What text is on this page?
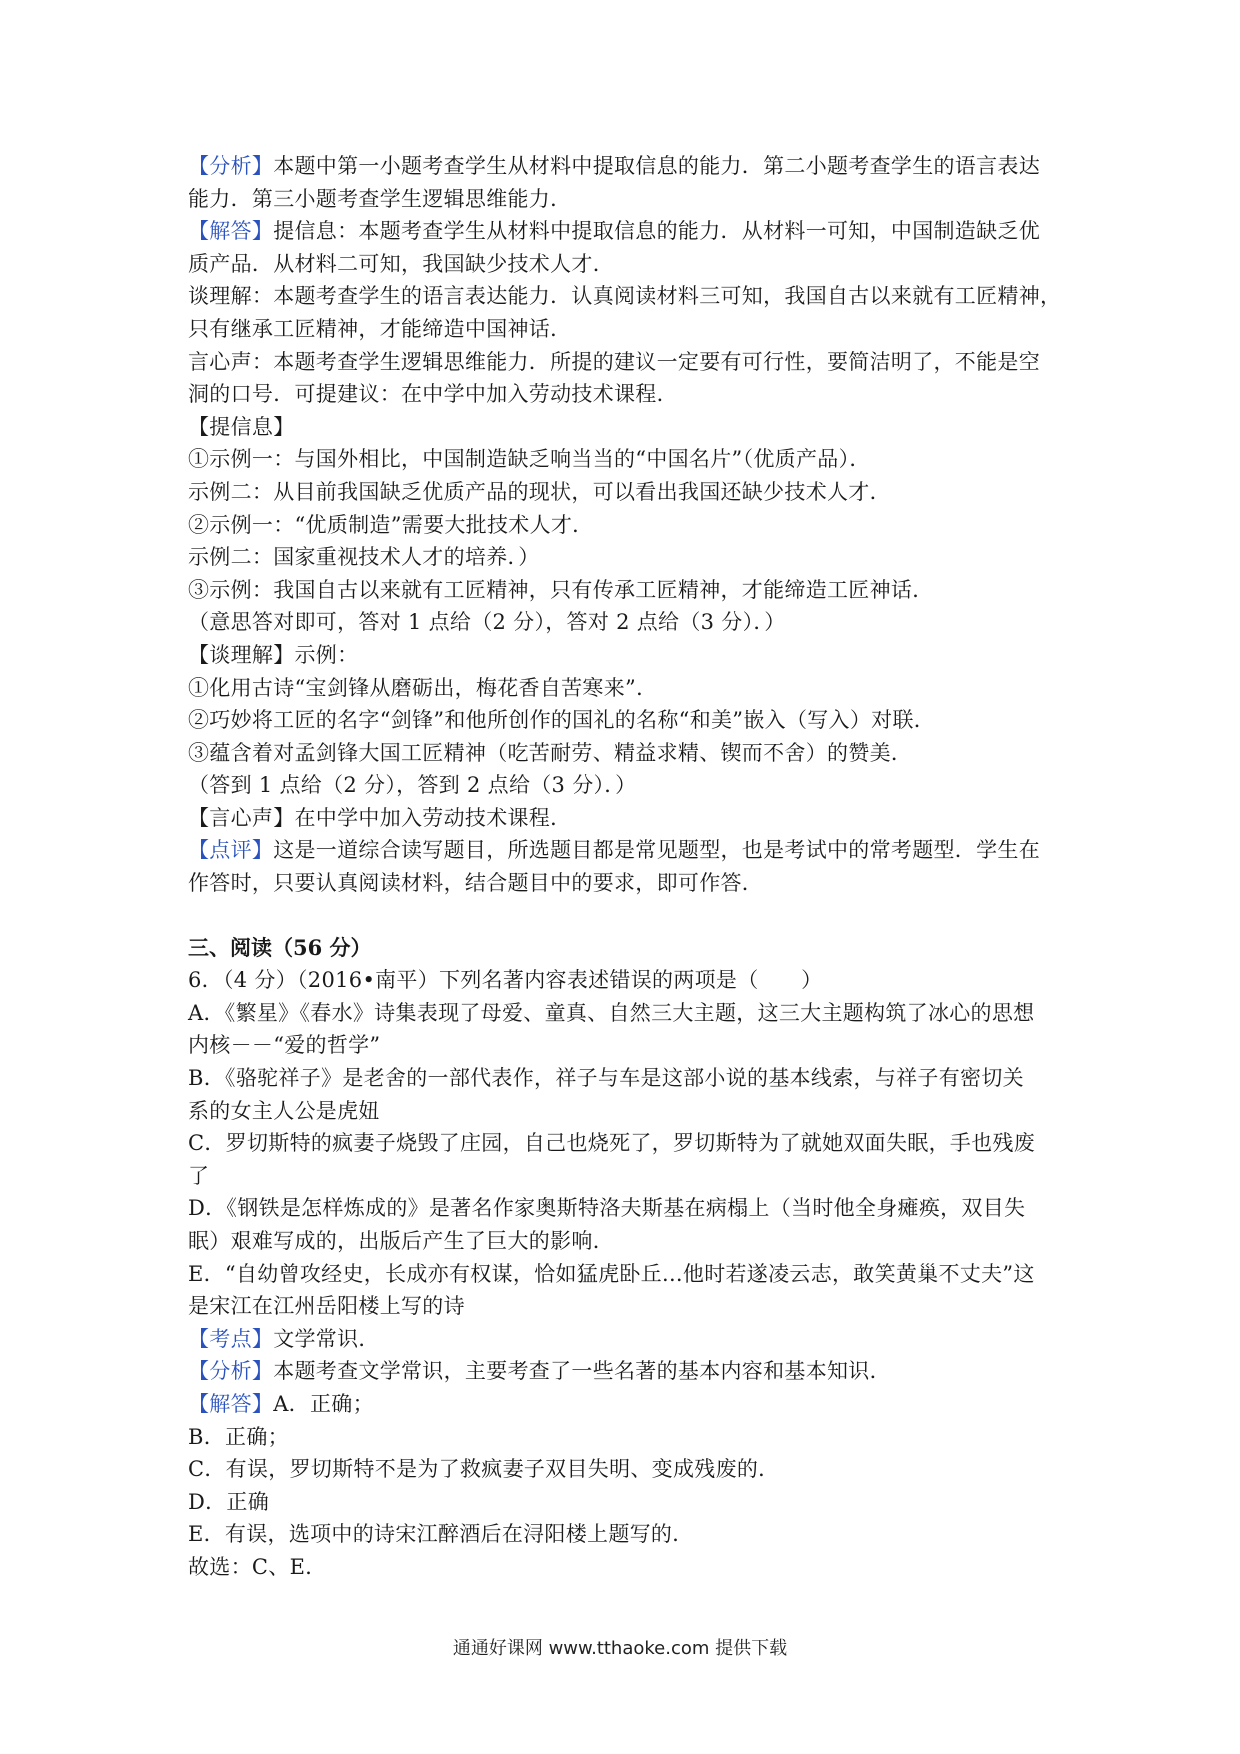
【分析】本题中第一小题考查学生从材料中提取信息的能力．第二小题考查学生的语言表达
能力．第三小题考查学生逻辑思维能力．
【解答】提信息：本题考查学生从材料中提取信息的能力．从材料一可知，中国制造缺乏优
质产品．从材料二可知，我国缺少技术人才．
谈理解：本题考查学生的语言表达能力．认真阅读材料三可知，我国自古以来就有工匠精神，
只有继承工匠精神，才能缔造中国神话．
言心声：本题考查学生逻辑思维能力．所提的建议一定要有可行性，要简洁明了，不能是空
洞的口号．可提建议：在中学中加入劳动技术课程．
【提信息】
①示例一：与国外相比，中国制造缺乏响当当的“中国名片”（优质产品）．
示例二：从目前我国缺乏优质产品的现状，可以看出我国还缺少技术人才．
②示例一：“优质制造”需要大批技术人才．
示例二：国家重视技术人才的培养．）
③示例：我国自古以来就有工匠精神，只有传承工匠精神，才能缔造工匠神话．
（意思答对即可，答对 1 点给（2 分），答对 2 点给（3 分）．）
【谈理解】示例：
①化用古诗“宝剑锋从磨砺出，梅花香自苦寒来”．
②巧妙将工匠的名字“剑锋”和他所创作的国礼的名称“和美”嵌入（写入）对联．
③蕴含着对孟剑锋大国工匠精神（吃苦耐劳、精益求精、锲而不舍）的赞美．
（答到 1 点给（2 分），答到 2 点给（3 分）．）
【言心声】在中学中加入劳动技术课程．
【点评】这是一道综合读写题目，所选题目都是常见题型，也是考试中的常考题型．学生在
作答时，只要认真阅读材料，结合题目中的要求，即可作答．
三、阅读（56 分）
6．（4 分）（2016•南平）下列名著内容表述错误的两项是（　　）
A．《繁星》《春水》诗集表现了母爱、童真、自然三大主题，这三大主题构筑了冰心的思想
内核－－“爱的哲学”
B．《骆驼祥子》是老舍的一部代表作，祥子与车是这部小说的基本线索，与祥子有密切关
系的女主人公是虎妞
C．罗切斯特的疯妻子烧毁了庄园，自己也烧死了，罗切斯特为了就她双面失眠，手也残废
了
D．《钢铁是怎样炼成的》是著名作家奥斯特洛夫斯基在病榻上（当时他全身瘫痪，双目失
眠）艰难写成的，出版后产生了巨大的影响．
E．“自幼曾攻经史，长成亦有权谋，恰如猛虎卧丘...他时若遂凌云志，敢笑黄巢不丈夫”这
是宋江在江州岳阳楼上写的诗
【考点】文学常识．
【分析】本题考查文学常识，主要考查了一些名著的基本内容和基本知识．
【解答】A．正确；
B．正确；
C．有误，罗切斯特不是为了救疯妻子双目失明、变成残废的．
D．正确
E．有误，选项中的诗宋江醉酒后在浔阳楼上题写的．
故选：C、E．
通通好课网 www.tthaoke.com 提供下载
